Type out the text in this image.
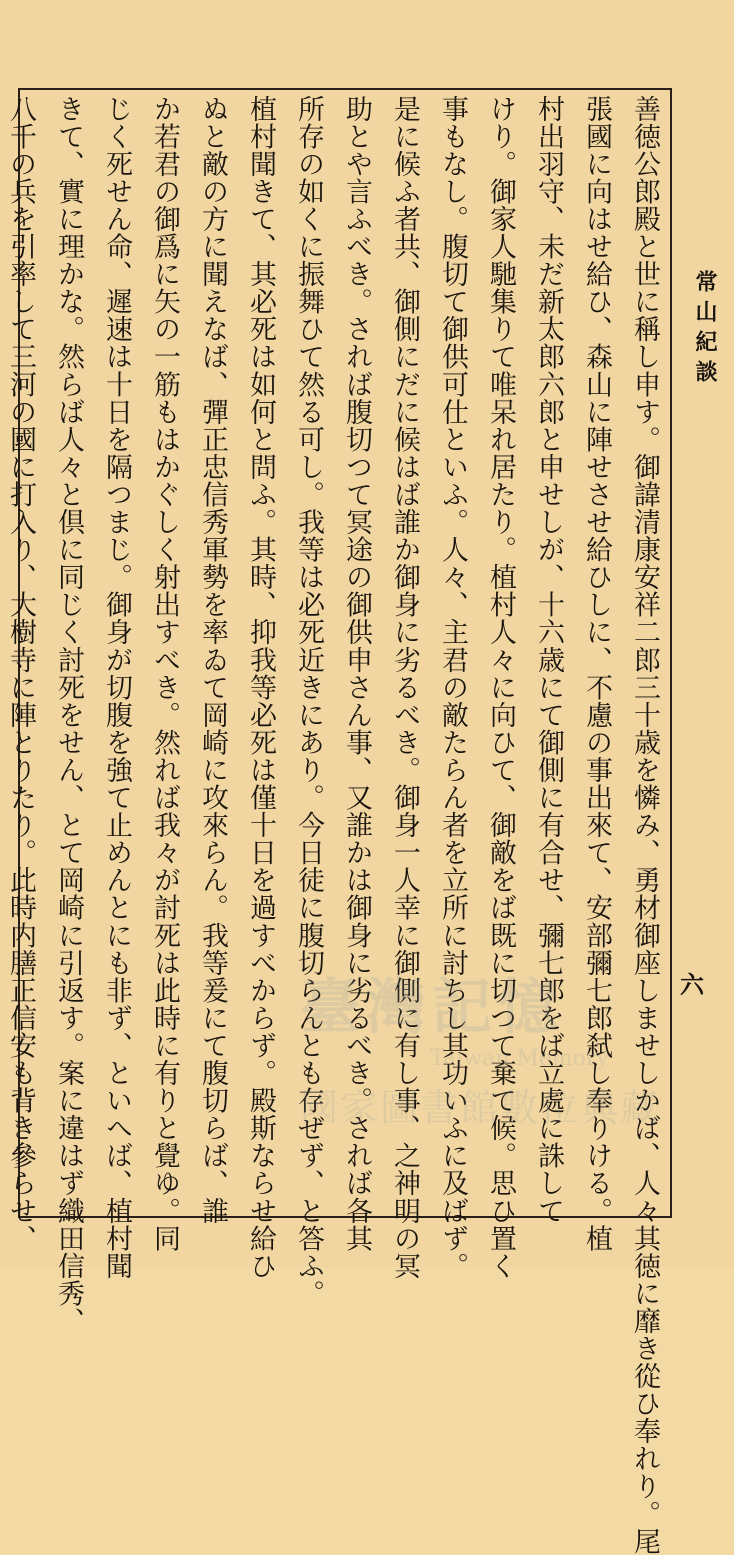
常山紀談
六
善徳公郎殿と世に稱し申す。御諱清康安祥二郎三十歳を憐み、勇材御座しませしかば、人々其徳に靡き從ひ奉れり。尾
張國に向はせ給ひ、森山に陣せさせ給ひしに、不慮の事出來て、安部彌七郎弑し奉りける。植
村出羽守、未だ新太郎六郎と申せしが、十六歳にて御側に有合せ、彌七郎をば立處に誅して
けり。御家人馳集りて唯呆れ居たり。植村人々に向ひて、御敵をば既に切つて棄て候。思ひ置く
事もなし。腹切て御供可仕といふ。人々、主君の敵たらん者を立所に討ちし其功いふに及ばず。
是に候ふ者共、御側にだに候はば誰か御身に劣るべき。御身一人幸に御側に有し事、之神明の冥
助とや言ふべき。されば腹切つて冥途の御供申さん事、又誰かは御身に劣るべき。されば各其
所存の如くに振舞ひて然る可し。我等は必死近きにあり。今日徒に腹切らんとも存ぜず、と答ふ。
植村聞きて、其必死は如何と問ふ。其時、抑我等必死は僅十日を過すべからず。殿斯ならせ給ひ
ぬと敵の方に聞えなば、彈正忠信秀軍勢を率ゐて岡崎に攻來らん。我等爰にて腹切らば、誰
か若君の御爲に矢の一筋もはかぐしく射出すべき。然れば我々が討死は此時に有りと覺ゆ。同
じく死せん命、遲速は十日を隔つまじ。御身が切腹を強て止めんとにも非ず、といへば、植村聞
きて、實に理かな。然らば人々と倶に同じく討死をせん、とて岡崎に引返す。案に違はず織田信秀、
八千の兵を引率して三河の國に打入り、大樹寺に陣とりたり。此時内膳正信安も背き參らせ、	臺灣記憶
Taiwan Memory
國家圖書館數位典藏
